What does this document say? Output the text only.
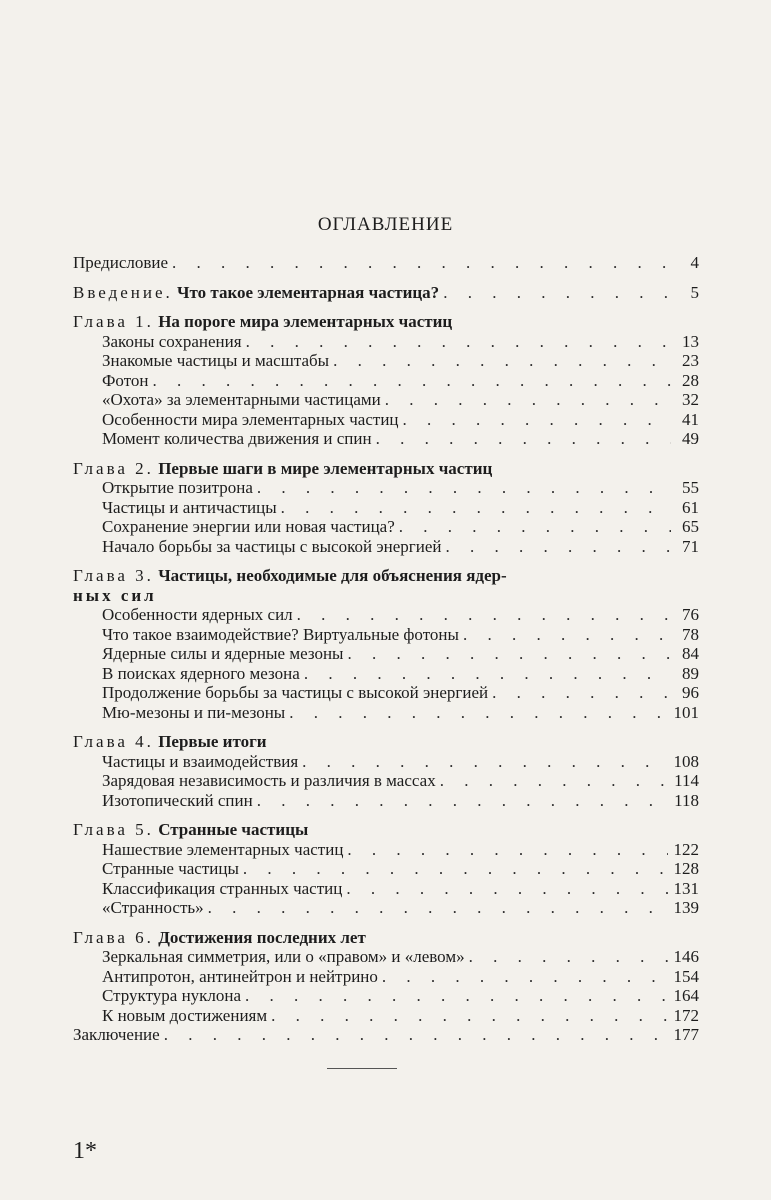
ОГЛАВЛЕНИЕ
Предисловие . . .	4
Введение. Что такое элементарная частица? . . .	5
Глава 1. На пороге мира элементарных частиц
Законы сохранения . . .	13
Знакомые частицы и масштабы . . .	23
Фотон . . .	28
«Охота» за элементарными частицами . . .	32
Особенности мира элементарных частиц . . .	41
Момент количества движения и спин . . .	49
Глава 2. Первые шаги в мире элементарных частиц
Открытие позитрона . . .	55
Частицы и античастицы . . .	61
Сохранение энергии или новая частица? . . .	65
Начало борьбы за частицы с высокой энергией . . .	71
Глава 3. Частицы, необходимые для объяснения ядер-
ных сил
Особенности ядерных сил . . .	76
Что такое взаимодействие? Виртуальные фотоны . . .	78
Ядерные силы и ядерные мезоны . . .	84
В поисках ядерного мезона . . .	89
Продолжение борьбы за частицы с высокой энергией . . .	96
Мю-мезоны и пи-мезоны . . .	101
Глава 4. Первые итоги
Частицы и взаимодействия . . .	108
Зарядовая независимость и различия в массах . . .	114
Изотопический спин . . .	118
Глава 5. Странные частицы
Нашествие элементарных частиц . . .	122
Странные частицы . . .	128
Классификация странных частиц . . .	131
«Странность» . . .	139
Глава 6. Достижения последних лет
Зеркальная симметрия, или о «правом» и «левом» . . .	146
Антипротон, антинейтрон и нейтрино . . .	154
Структура нуклона . . .	164
К новым достижениям . . .	172
Заключение . . .	177
1*
